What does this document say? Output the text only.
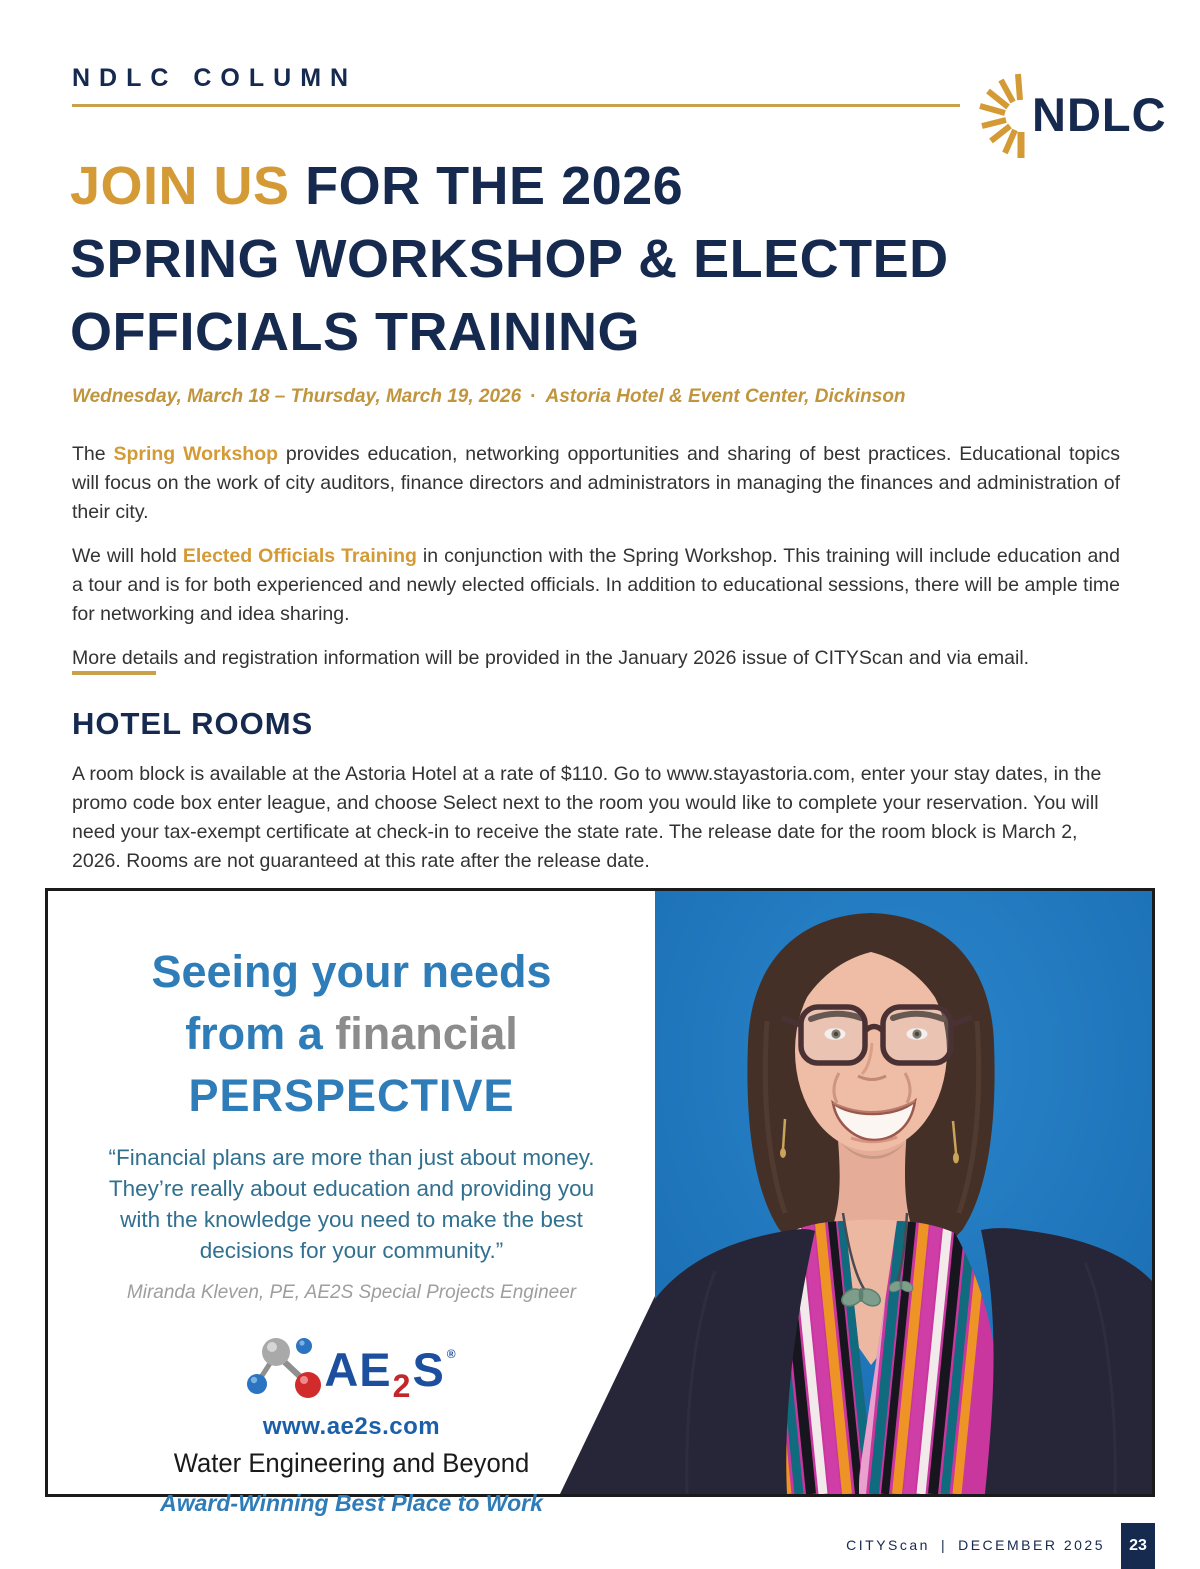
NDLC COLUMN
NDLC
JOIN US FOR THE 2026
SPRING WORKSHOP & ELECTED
OFFICIALS TRAINING
Wednesday, March 18 – Thursday, March 19, 2026 · Astoria Hotel & Event Center, Dickinson

The Spring Workshop provides education, networking opportunities and sharing of best practices. Educational topics will focus on the work of city auditors, finance directors and administrators in managing the finances and administration of their city.

We will hold Elected Officials Training in conjunction with the Spring Workshop. This training will include education and a tour and is for both experienced and newly elected officials. In addition to educational sessions, there will be ample time for networking and idea sharing.

More details and registration information will be provided in the January 2026 issue of CITYScan and via email.

HOTEL ROOMS
A room block is available at the Astoria Hotel at a rate of $110. Go to www.stayastoria.com, enter your stay dates, in the promo code box enter league, and choose Select next to the room you would like to complete your reservation. You will need your tax-exempt certificate at check-in to receive the state rate. The release date for the room block is March 2, 2026. Rooms are not guaranteed at this rate after the release date.
Seeing your needs
from a financial
PERSPECTIVE
“Financial plans are more than just about money. They’re really about education and providing you with the knowledge you need to make the best decisions for your community.”
Miranda Kleven, PE, AE2S Special Projects Engineer
AE 2 S ®
www.ae2s.com
Water Engineering and Beyond
Award-Winning Best Place to Work
CITYScan | DECEMBER 2025	23
